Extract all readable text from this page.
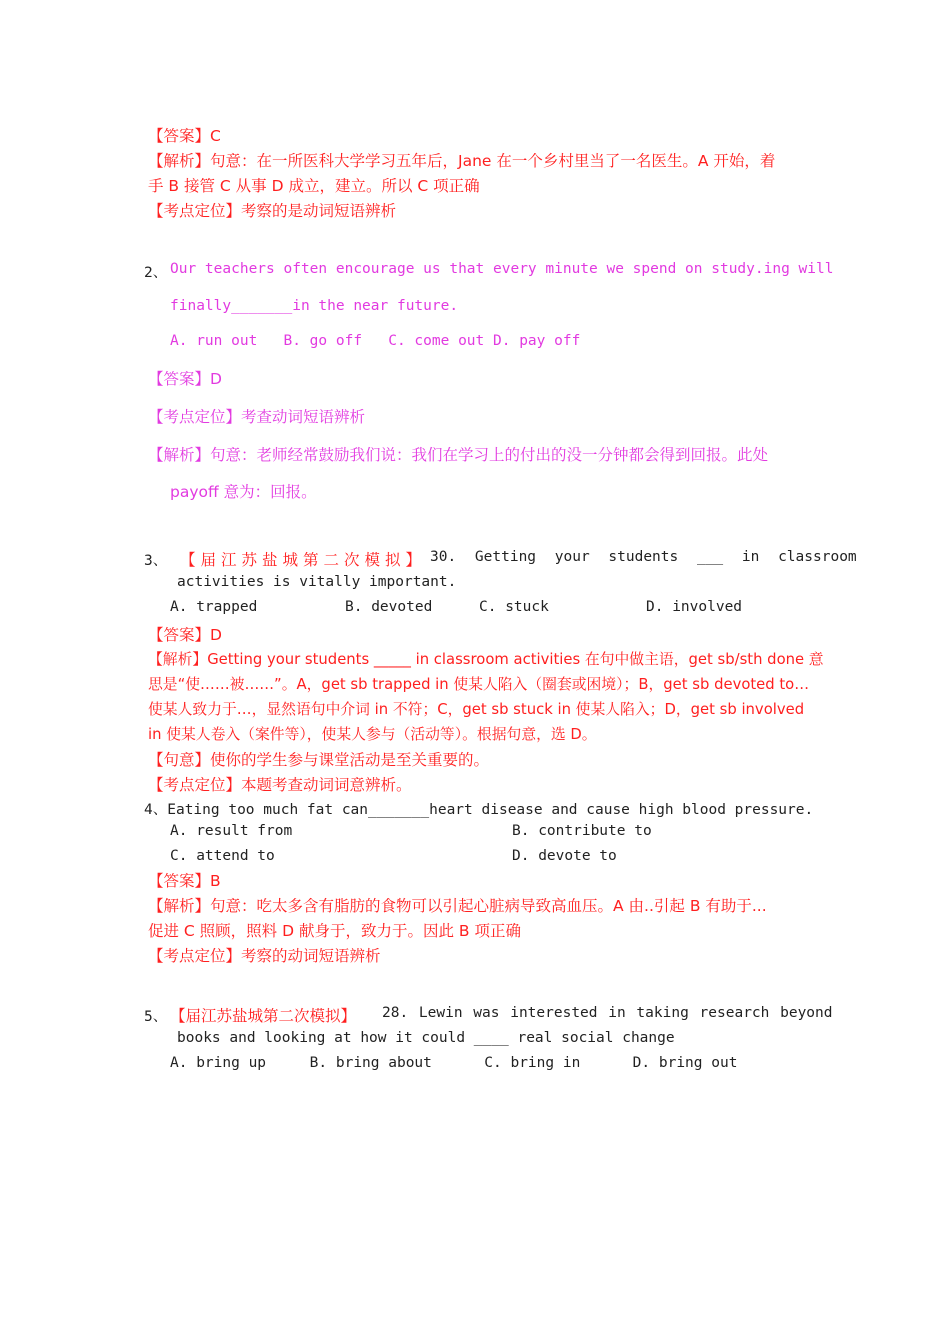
【答案】C
【解析】句意：在一所医科大学学习五年后，Jane 在一个乡村里当了一名医生。A 开始，着
手 B 接管 C 从事 D 成立，建立。所以 C 项正确
【考点定位】考察的是动词短语辨析
2、 Our teachers often encourage us that every minute we spend on study.ing will
finally_______in the near future.
A. run out   B. go off   C. come out D. pay off
【答案】D
【考点定位】考查动词短语辨析
【解析】句意：老师经常鼓励我们说：我们在学习上的付出的没一分钟都会得到回报。此处
payoff 意为：回报。
3、 【届江苏盐城第二次模拟】 30. Getting your students ___ in classroom
activities is vitally important.
A. trapped	B. devoted	C. stuck	D. involved
【答案】D
【解析】Getting your students _____ in classroom activities 在句中做主语，get sb/sth done 意
思是“使……被……”。A，get sb trapped in 使某人陷入（圈套或困境）；B，get sb devoted to…
使某人致力于…，显然语句中介词 in 不符；C，get sb stuck in 使某人陷入；D，get sb involved
in 使某人卷入（案件等），使某人参与（活动等）。根据句意，选 D。
【句意】使你的学生参与课堂活动是至关重要的。
【考点定位】本题考查动词词意辨析。
4、Eating too much fat can_______heart disease and cause high blood pressure.
A. result from	B. contribute to
C. attend to	D. devote to
【答案】B
【解析】句意：吃太多含有脂肪的食物可以引起心脏病导致高血压。A 由..引起 B 有助于...
促进 C 照顾，照料 D 献身于，致力于。因此 B 项正确
【考点定位】考察的动词短语辨析
5、 【届江苏盐城第二次模拟】 28. Lewin was interested in taking research beyond
books and looking at how it could ____ real social change
A. bring up     B. bring about      C. bring in      D. bring out
